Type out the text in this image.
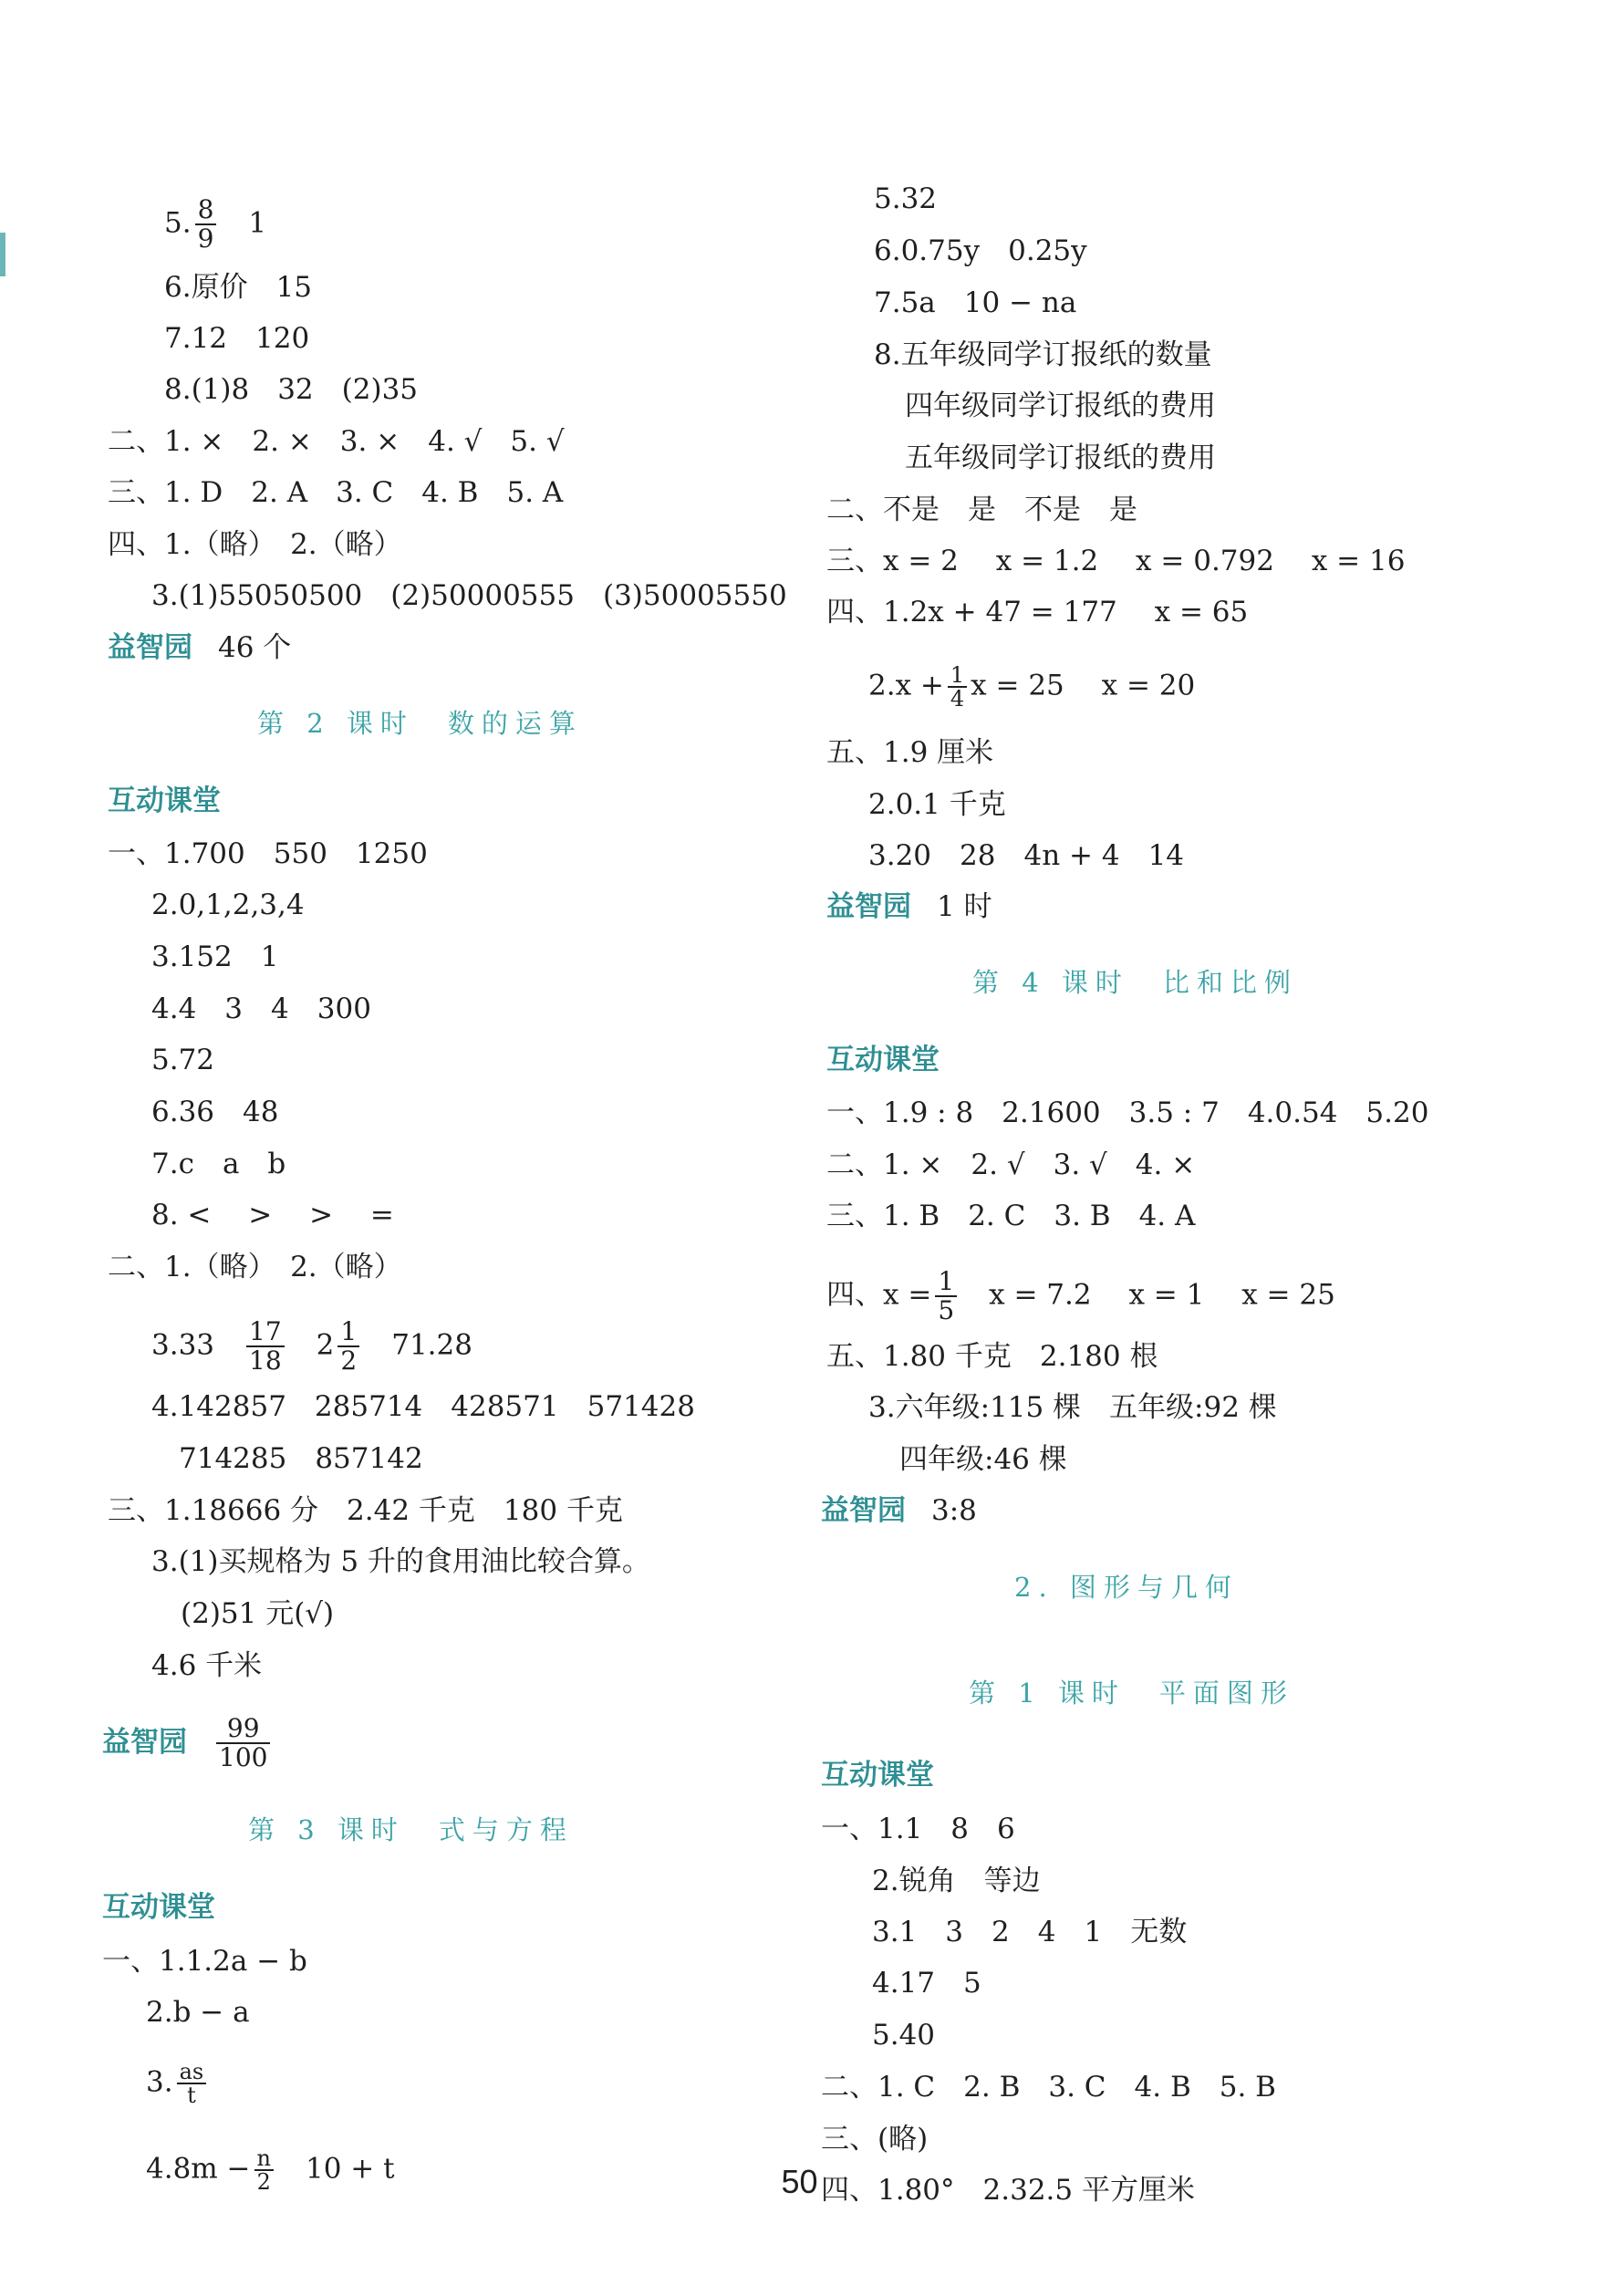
5. $\frac{8}{9}$
　 1
6.原价　15
7.12　120
8.(1)8　32　(2)35
二、1. ×　2. ×　3. ×　4. √　5. √
三、1. D　2. A　3. C　4. B　5. A
四、1.（略）　2.（略）
3.(1)55050500　(2)50000555　(3)50005550
益智园 46 个
第 2 课时　数的运算
互动课堂
一、1.700　550　1250
2.0,1,2,3,4
3.152　1
4.4　3　4　300
5.72
6.36　48
7.c　a　b
8. <　 >　 >　 =
二、1.（略）　2.（略）
3.33　 $\frac{17}{18}$
　 $2 \frac{1}{2}$
　 71.28
4.142857　285714　428571　571428
714285　857142
三、1.18666 分　2.42 千克　180 千克
3.(1)买规格为 5 升的食用油比较合算。
(2)51 元(√)
4.6 千米
益智园 $\frac{99}{100}$
第 3 课时　式与方程
互动课堂
一、1.1.2a − b
2.b − a
3. $\frac{as}{t}$
$4.8m - \frac{n}{2}$
　 10 + t
5.32
6.0.75y　0.25y
7.5a　10 − na
8.五年级同学订报纸的数量
四年级同学订报纸的费用
五年级同学订报纸的费用
二、不是　是　不是　是
三、x = 2　 x = 1.2　 x = 0.792　 x = 16
四、1.2x + 47 = 177　 x = 65
$2.x + \frac{1}{4}$ x = 25　 x = 20
五、1.9 厘米
2.0.1 千克
3.20　28　4n + 4　14
益智园 1 时
第 4 课时　比和比例
互动课堂
一、1.9 : 8　2.1600　3.5 : 7　4.0.54　5.20
二、1. ×　2. √　3. √　4. ×
三、1. B　2. C　3. B　4. A
四、$x = \frac{1}{5}$
　 x = 7.2　 x = 1　 x = 25
五、1.80 千克　2.180 根
3.六年级:115 棵　五年级:92 棵
四年级:46 棵
益智园 3:8
2. 图形与几何
第 1 课时　平面图形
互动课堂
一、1.1　8　6
2.锐角　等边
3.1　3　2　4　1　无数
4.17　5
5.40
二、1. C　2. B　3. C　4. B　5. B
三、(略)
四、1.80°　2.32.5 平方厘米
50
